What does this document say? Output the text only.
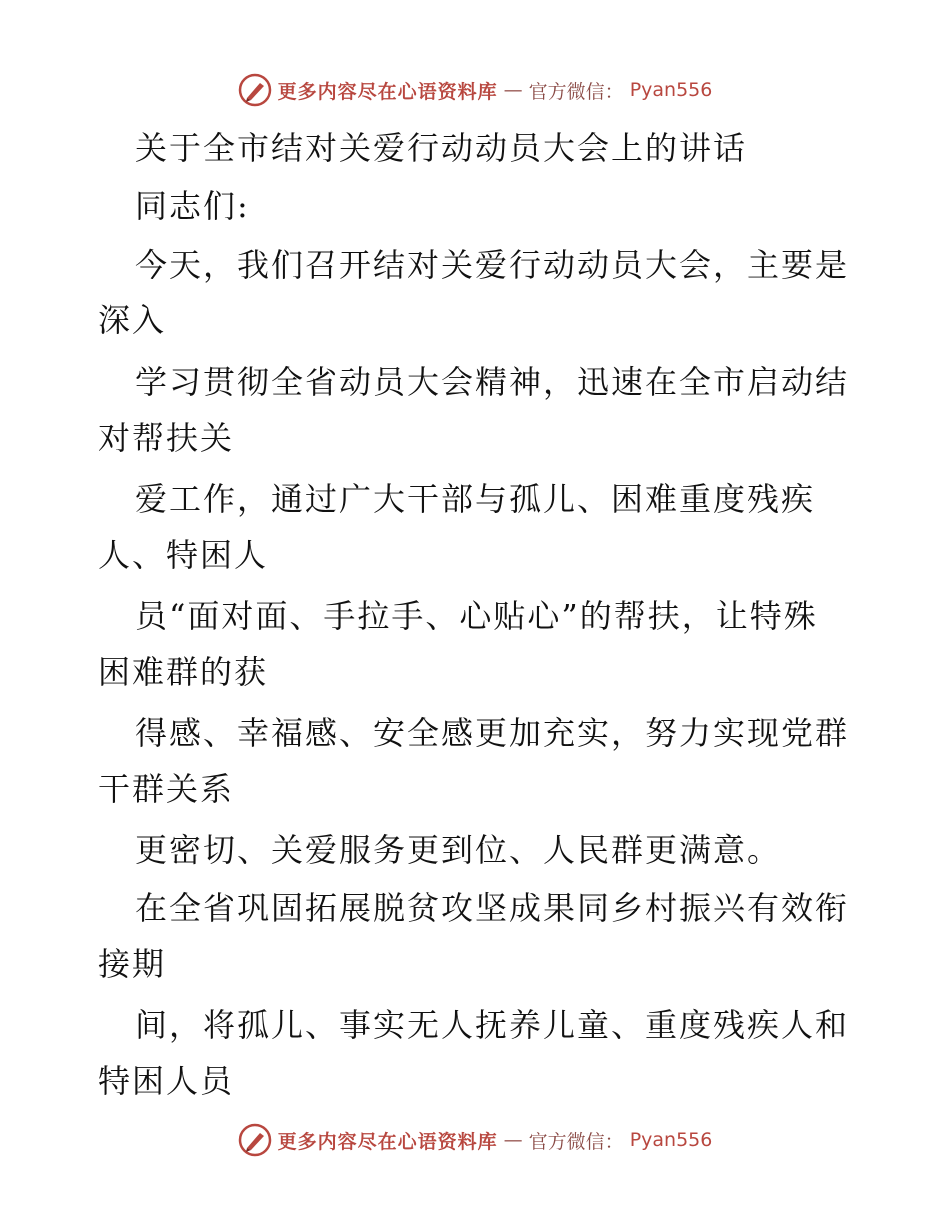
更多内容尽在心语资料库 — 官方微信： Pyan556
关于全市结对关爱行动动员大会上的讲话
同志们:
今天，我们召开结对关爱行动动员大会，主要是
深入
学习贯彻全省动员大会精神，迅速在全市启动结
对帮扶关
爱工作，通过广大干部与孤儿、困难重度残疾
人、特困人
员“面对面、手拉手、心贴心”的帮扶，让特殊
困难群的获
得感、幸福感、安全感更加充实，努力实现党群
干群关系
更密切、关爱服务更到位、人民群更满意。
在全省巩固拓展脱贫攻坚成果同乡村振兴有效衔
接期
间，将孤儿、事实无人抚养儿童、重度残疾人和
特困人员
更多内容尽在心语资料库 — 官方微信： Pyan556
